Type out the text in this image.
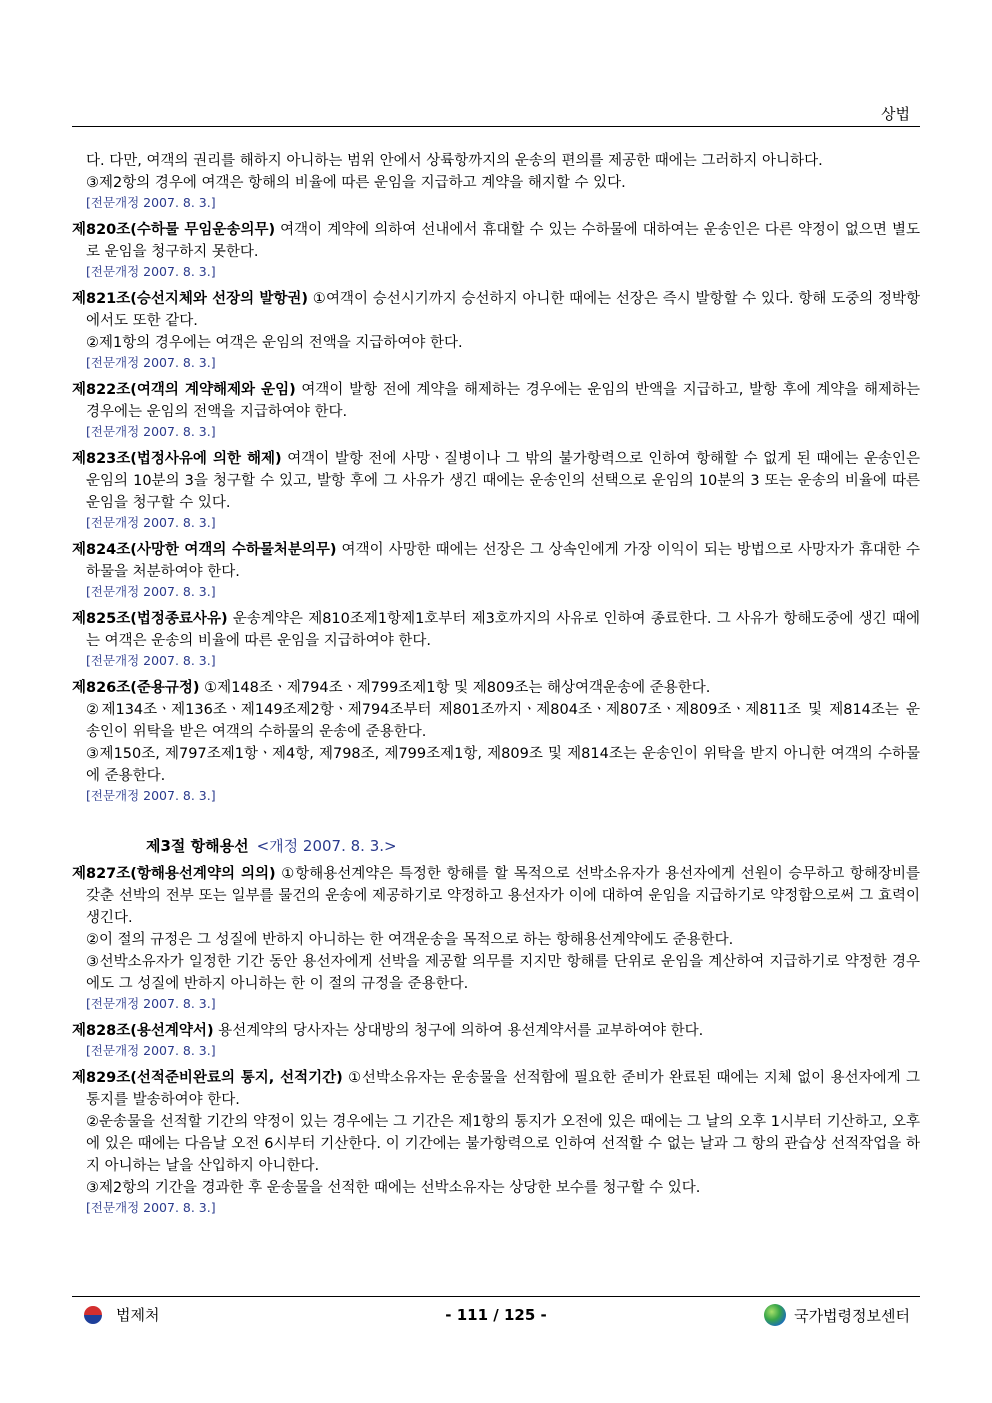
상법

다. 다만, 여객의 권리를 해하지 아니하는 범위 안에서 상륙항까지의 운송의 편의를 제공한 때에는 그러하지 아니하다.

③제2항의 경우에 여객은 항해의 비율에 따른 운임을 지급하고 계약을 해지할 수 있다.

[전문개정 2007. 8. 3.]

제820조(수하물 무임운송의무) 여객이 계약에 의하여 선내에서 휴대할 수 있는 수하물에 대하여는 운송인은 다른 약정이 없으면 별도로 운임을 청구하지 못한다.

[전문개정 2007. 8. 3.]

제821조(승선지체와 선장의 발항권) ①여객이 승선시기까지 승선하지 아니한 때에는 선장은 즉시 발항할 수 있다. 항해 도중의 정박항에서도 또한 같다.

②제1항의 경우에는 여객은 운임의 전액을 지급하여야 한다.

[전문개정 2007. 8. 3.]

제822조(여객의 계약해제와 운임) 여객이 발항 전에 계약을 해제하는 경우에는 운임의 반액을 지급하고, 발항 후에 계약을 해제하는 경우에는 운임의 전액을 지급하여야 한다.

[전문개정 2007. 8. 3.]

제823조(법정사유에 의한 해제) 여객이 발항 전에 사망ㆍ질병이나 그 밖의 불가항력으로 인하여 항해할 수 없게 된 때에는 운송인은 운임의 10분의 3을 청구할 수 있고, 발항 후에 그 사유가 생긴 때에는 운송인의 선택으로 운임의 10분의 3 또는 운송의 비율에 따른 운임을 청구할 수 있다.

[전문개정 2007. 8. 3.]

제824조(사망한 여객의 수하물처분의무) 여객이 사망한 때에는 선장은 그 상속인에게 가장 이익이 되는 방법으로 사망자가 휴대한 수하물을 처분하여야 한다.

[전문개정 2007. 8. 3.]

제825조(법정종료사유) 운송계약은 제810조제1항제1호부터 제3호까지의 사유로 인하여 종료한다. 그 사유가 항해도중에 생긴 때에는 여객은 운송의 비율에 따른 운임을 지급하여야 한다.

[전문개정 2007. 8. 3.]

제826조(준용규정) ①제148조ㆍ제794조ㆍ제799조제1항 및 제809조는 해상여객운송에 준용한다.

②제134조ㆍ제136조ㆍ제149조제2항ㆍ제794조부터 제801조까지ㆍ제804조ㆍ제807조ㆍ제809조ㆍ제811조 및 제814조는 운송인이 위탁을 받은 여객의 수하물의 운송에 준용한다.

③제150조, 제797조제1항ㆍ제4항, 제798조, 제799조제1항, 제809조 및 제814조는 운송인이 위탁을 받지 아니한 여객의 수하물에 준용한다.

[전문개정 2007. 8. 3.]

제3절 항해용선 <개정 2007. 8. 3.>

제827조(항해용선계약의 의의) ①항해용선계약은 특정한 항해를 할 목적으로 선박소유자가 용선자에게 선원이 승무하고 항해장비를 갖춘 선박의 전부 또는 일부를 물건의 운송에 제공하기로 약정하고 용선자가 이에 대하여 운임을 지급하기로 약정함으로써 그 효력이 생긴다.

②이 절의 규정은 그 성질에 반하지 아니하는 한 여객운송을 목적으로 하는 항해용선계약에도 준용한다.

③선박소유자가 일정한 기간 동안 용선자에게 선박을 제공할 의무를 지지만 항해를 단위로 운임을 계산하여 지급하기로 약정한 경우에도 그 성질에 반하지 아니하는 한 이 절의 규정을 준용한다.

[전문개정 2007. 8. 3.]

제828조(용선계약서) 용선계약의 당사자는 상대방의 청구에 의하여 용선계약서를 교부하여야 한다.

[전문개정 2007. 8. 3.]

제829조(선적준비완료의 통지, 선적기간) ①선박소유자는 운송물을 선적함에 필요한 준비가 완료된 때에는 지체 없이 용선자에게 그 통지를 발송하여야 한다.

②운송물을 선적할 기간의 약정이 있는 경우에는 그 기간은 제1항의 통지가 오전에 있은 때에는 그 날의 오후 1시부터 기산하고, 오후에 있은 때에는 다음날 오전 6시부터 기산한다. 이 기간에는 불가항력으로 인하여 선적할 수 없는 날과 그 항의 관습상 선적작업을 하지 아니하는 날을 산입하지 아니한다.

③제2항의 기간을 경과한 후 운송물을 선적한 때에는 선박소유자는 상당한 보수를 청구할 수 있다.

[전문개정 2007. 8. 3.]

법제처	- 111 / 125 -	국가법령정보센터
